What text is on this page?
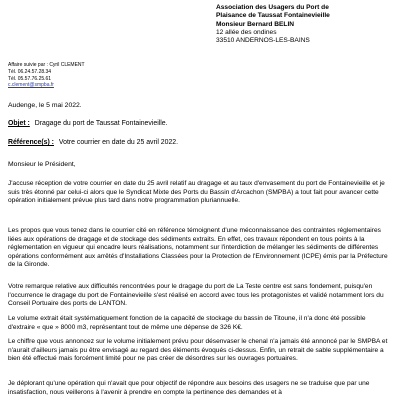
Association des Usagers du Port de
Plaisance de Taussat Fontainevieille
Monsieur Bernard BELIN
12 allée des ondines
33510 ANDERNOS-LES-BAINS
Affaire suivie par : Cyril CLEMENT
Tél. 06.24.57.28.34
Tél. 05.57.76.25.61
c.clement@smpba.fr
Audenge, le 5 mai 2022.
Objet : Dragage du port de Taussat Fontainevieille.
Référence(s) : Votre courrier en date du 25 avril 2022.
Monsieur le Président,

J'accuse réception de votre courrier en date du 25 avril relatif au dragage et au taux d'envasement du port de Fontainevieille et je suis très étonné par celui-ci alors que le Syndicat Mixte des Ports du Bassin d'Arcachon (SMPBA) a tout fait pour avancer cette opération initialement prévue plus tard dans notre programmation pluriannuelle.

Les propos que vous tenez dans le courrier cité en référence témoignent d'une méconnaissance des contraintes réglementaires liées aux opérations de dragage et de stockage des sédiments extraits. En effet, ces travaux répondent en tous points à la réglementation en vigueur qui encadre leurs réalisations, notamment sur l'interdiction de mélanger les sédiments de différentes opérations conformément aux arrêtés d'Installations Classées pour la Protection de l'Environnement (ICPE) émis par la Préfecture de la Gironde.

Votre remarque relative aux difficultés rencontrées pour le dragage du port de La Teste centre est sans fondement, puisqu'en l'occurrence le dragage du port de Fontainevieille s'est réalisé en accord avec tous les protagonistes et validé notamment lors du Conseil Portuaire des ports de LANTON.

Le volume extrait était systématiquement fonction de la capacité de stockage du bassin de Titoune, il n'a donc été possible d'extraire « que » 8000 m3, représentant tout de même une dépense de 326 K€.

Le chiffre que vous annoncez sur le volume initialement prévu pour désenvaser le chenal n'a jamais été annoncé par le SMPBA et n'aurait d'ailleurs jamais pu être envisagé au regard des éléments évoqués ci-dessus. Enfin, un retrait de sable supplémentaire a bien été effectué mais forcément limité pour ne pas créer de désordres sur les ouvrages portuaires.

Je déplorant qu'une opération qui n'avait que pour objectif de répondre aux besoins des usagers ne se traduise que par une insatisfaction, nous veillerons à l'avenir à prendre en compte la pertinence des demandes et à
